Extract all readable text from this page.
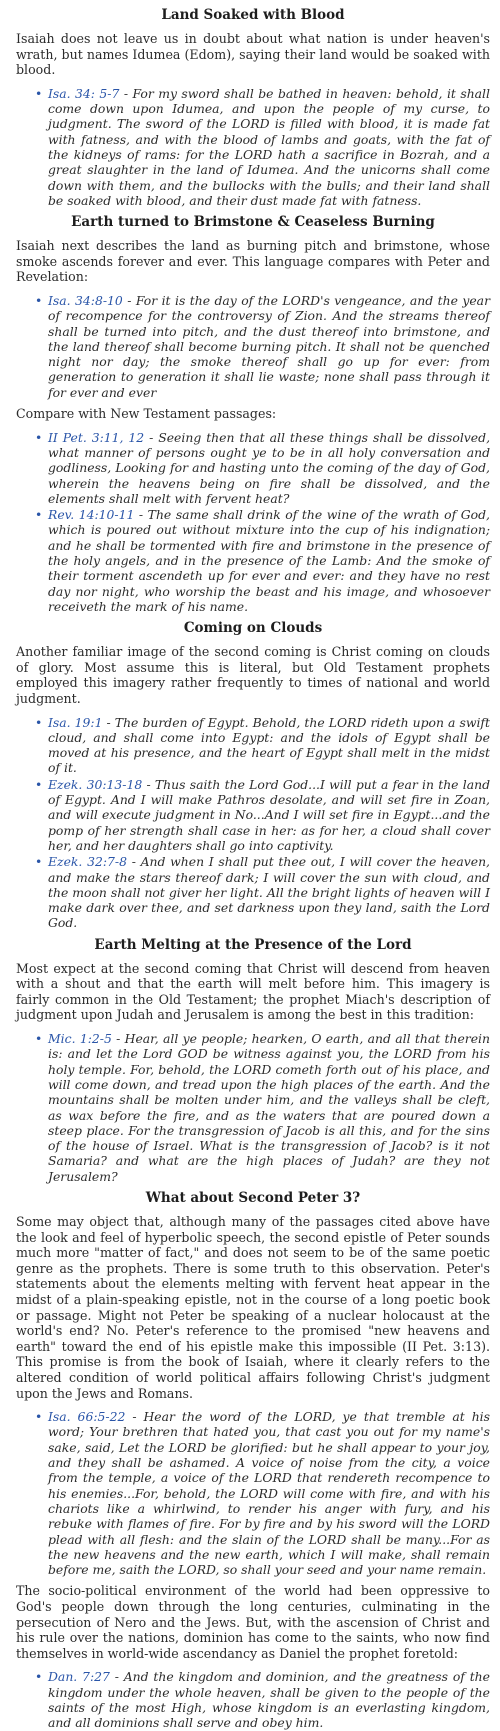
Land Soaked with Blood

Isaiah does not leave us in doubt about what nation is under heaven's wrath, but names Idumea (Edom), saying their land would be soaked with blood.

• Isa. 34: 5-7 - For my sword shall be bathed in heaven: behold, it shall come down upon Idumea, and upon the people of my curse, to judgment. The sword of the LORD is filled with blood, it is made fat with fatness, and with the blood of lambs and goats, with the fat of the kidneys of rams: for the LORD hath a sacrifice in Bozrah, and a great slaughter in the land of Idumea. And the unicorns shall come down with them, and the bullocks with the bulls; and their land shall be soaked with blood, and their dust made fat with fatness.
Earth turned to Brimstone & Ceaseless Burning

Isaiah next describes the land as burning pitch and brimstone, whose smoke ascends forever and ever. This language compares with Peter and Revelation:

• Isa. 34:8-10 - For it is the day of the LORD's vengeance, and the year of recompence for the controversy of Zion. And the streams thereof shall be turned into pitch, and the dust thereof into brimstone, and the land thereof shall become burning pitch. It shall not be quenched night nor day; the smoke thereof shall go up for ever: from generation to generation it shall lie waste; none shall pass through it for ever and ever

Compare with New Testament passages:

• II Pet. 3:11, 12 - Seeing then that all these things shall be dissolved, what manner of persons ought ye to be in all holy conversation and godliness, Looking for and hasting unto the coming of the day of God, wherein the heavens being on fire shall be dissolved, and the elements shall melt with fervent heat?
• Rev. 14:10-11 - The same shall drink of the wine of the wrath of God, which is poured out without mixture into the cup of his indignation; and he shall be tormented with fire and brimstone in the presence of the holy angels, and in the presence of the Lamb: And the smoke of their torment ascendeth up for ever and ever: and they have no rest day nor night, who worship the beast and his image, and whosoever receiveth the mark of his name.
Coming on Clouds

Another familiar image of the second coming is Christ coming on clouds of glory. Most assume this is literal, but Old Testament prophets employed this imagery rather frequently to times of national and world judgment.

• Isa. 19:1 - The burden of Egypt. Behold, the LORD rideth upon a swift cloud, and shall come into Egypt: and the idols of Egypt shall be moved at his presence, and the heart of Egypt shall melt in the midst of it.
• Ezek. 30:13-18 - Thus saith the Lord God...I will put a fear in the land of Egypt. And I will make Pathros desolate, and will set fire in Zoan, and will execute judgment in No...And I will set fire in Egypt...and the pomp of her strength shall case in her: as for her, a cloud shall cover her, and her daughters shall go into captivity.
• Ezek. 32:7-8 - And when I shall put thee out, I will cover the heaven, and make the stars thereof dark; I will cover the sun with cloud, and the moon shall not giver her light. All the bright lights of heaven will I make dark over thee, and set darkness upon they land, saith the Lord God.
Earth Melting at the Presence of the Lord

Most expect at the second coming that Christ will descend from heaven with a shout and that the earth will melt before him. This imagery is fairly common in the Old Testament; the prophet Miach's description of judgment upon Judah and Jerusalem is among the best in this tradition:

• Mic. 1:2-5 - Hear, all ye people; hearken, O earth, and all that therein is: and let the Lord GOD be witness against you, the LORD from his holy temple. For, behold, the LORD cometh forth out of his place, and will come down, and tread upon the high places of the earth. And the mountains shall be molten under him, and the valleys shall be cleft, as wax before the fire, and as the waters that are poured down a steep place. For the transgression of Jacob is all this, and for the sins of the house of Israel. What is the transgression of Jacob? is it not Samaria? and what are the high places of Judah? are they not Jerusalem?
What about Second Peter 3?

Some may object that, although many of the passages cited above have the look and feel of hyperbolic speech, the second epistle of Peter sounds much more "matter of fact," and does not seem to be of the same poetic genre as the prophets. There is some truth to this observation. Peter's statements about the elements melting with fervent heat appear in the midst of a plain-speaking epistle, not in the course of a long poetic book or passage. Might not Peter be speaking of a nuclear holocaust at the world's end? No. Peter's reference to the promised "new heavens and earth" toward the end of his epistle make this impossible (II Pet. 3:13). This promise is from the book of Isaiah, where it clearly refers to the altered condition of world political affairs following Christ's judgment upon the Jews and Romans.

• Isa. 66:5-22 - Hear the word of the LORD, ye that tremble at his word; Your brethren that hated you, that cast you out for my name's sake, said, Let the LORD be glorified: but he shall appear to your joy, and they shall be ashamed. A voice of noise from the city, a voice from the temple, a voice of the LORD that rendereth recompence to his enemies...For, behold, the LORD will come with fire, and with his chariots like a whirlwind, to render his anger with fury, and his rebuke with flames of fire. For by fire and by his sword will the LORD plead with all flesh: and the slain of the LORD shall be many...For as the new heavens and the new earth, which I will make, shall remain before me, saith the LORD, so shall your seed and your name remain.

The socio-political environment of the world had been oppressive to God's people down through the long centuries, culminating in the persecution of Nero and the Jews. But, with the ascension of Christ and his rule over the nations, dominion has come to the saints, who now find themselves in world-wide ascendancy as Daniel the prophet foretold:

• Dan. 7:27 - And the kingdom and dominion, and the greatness of the kingdom under the whole heaven, shall be given to the people of the saints of the most High, whose kingdom is an everlasting kingdom, and all dominions shall serve and obey him.
